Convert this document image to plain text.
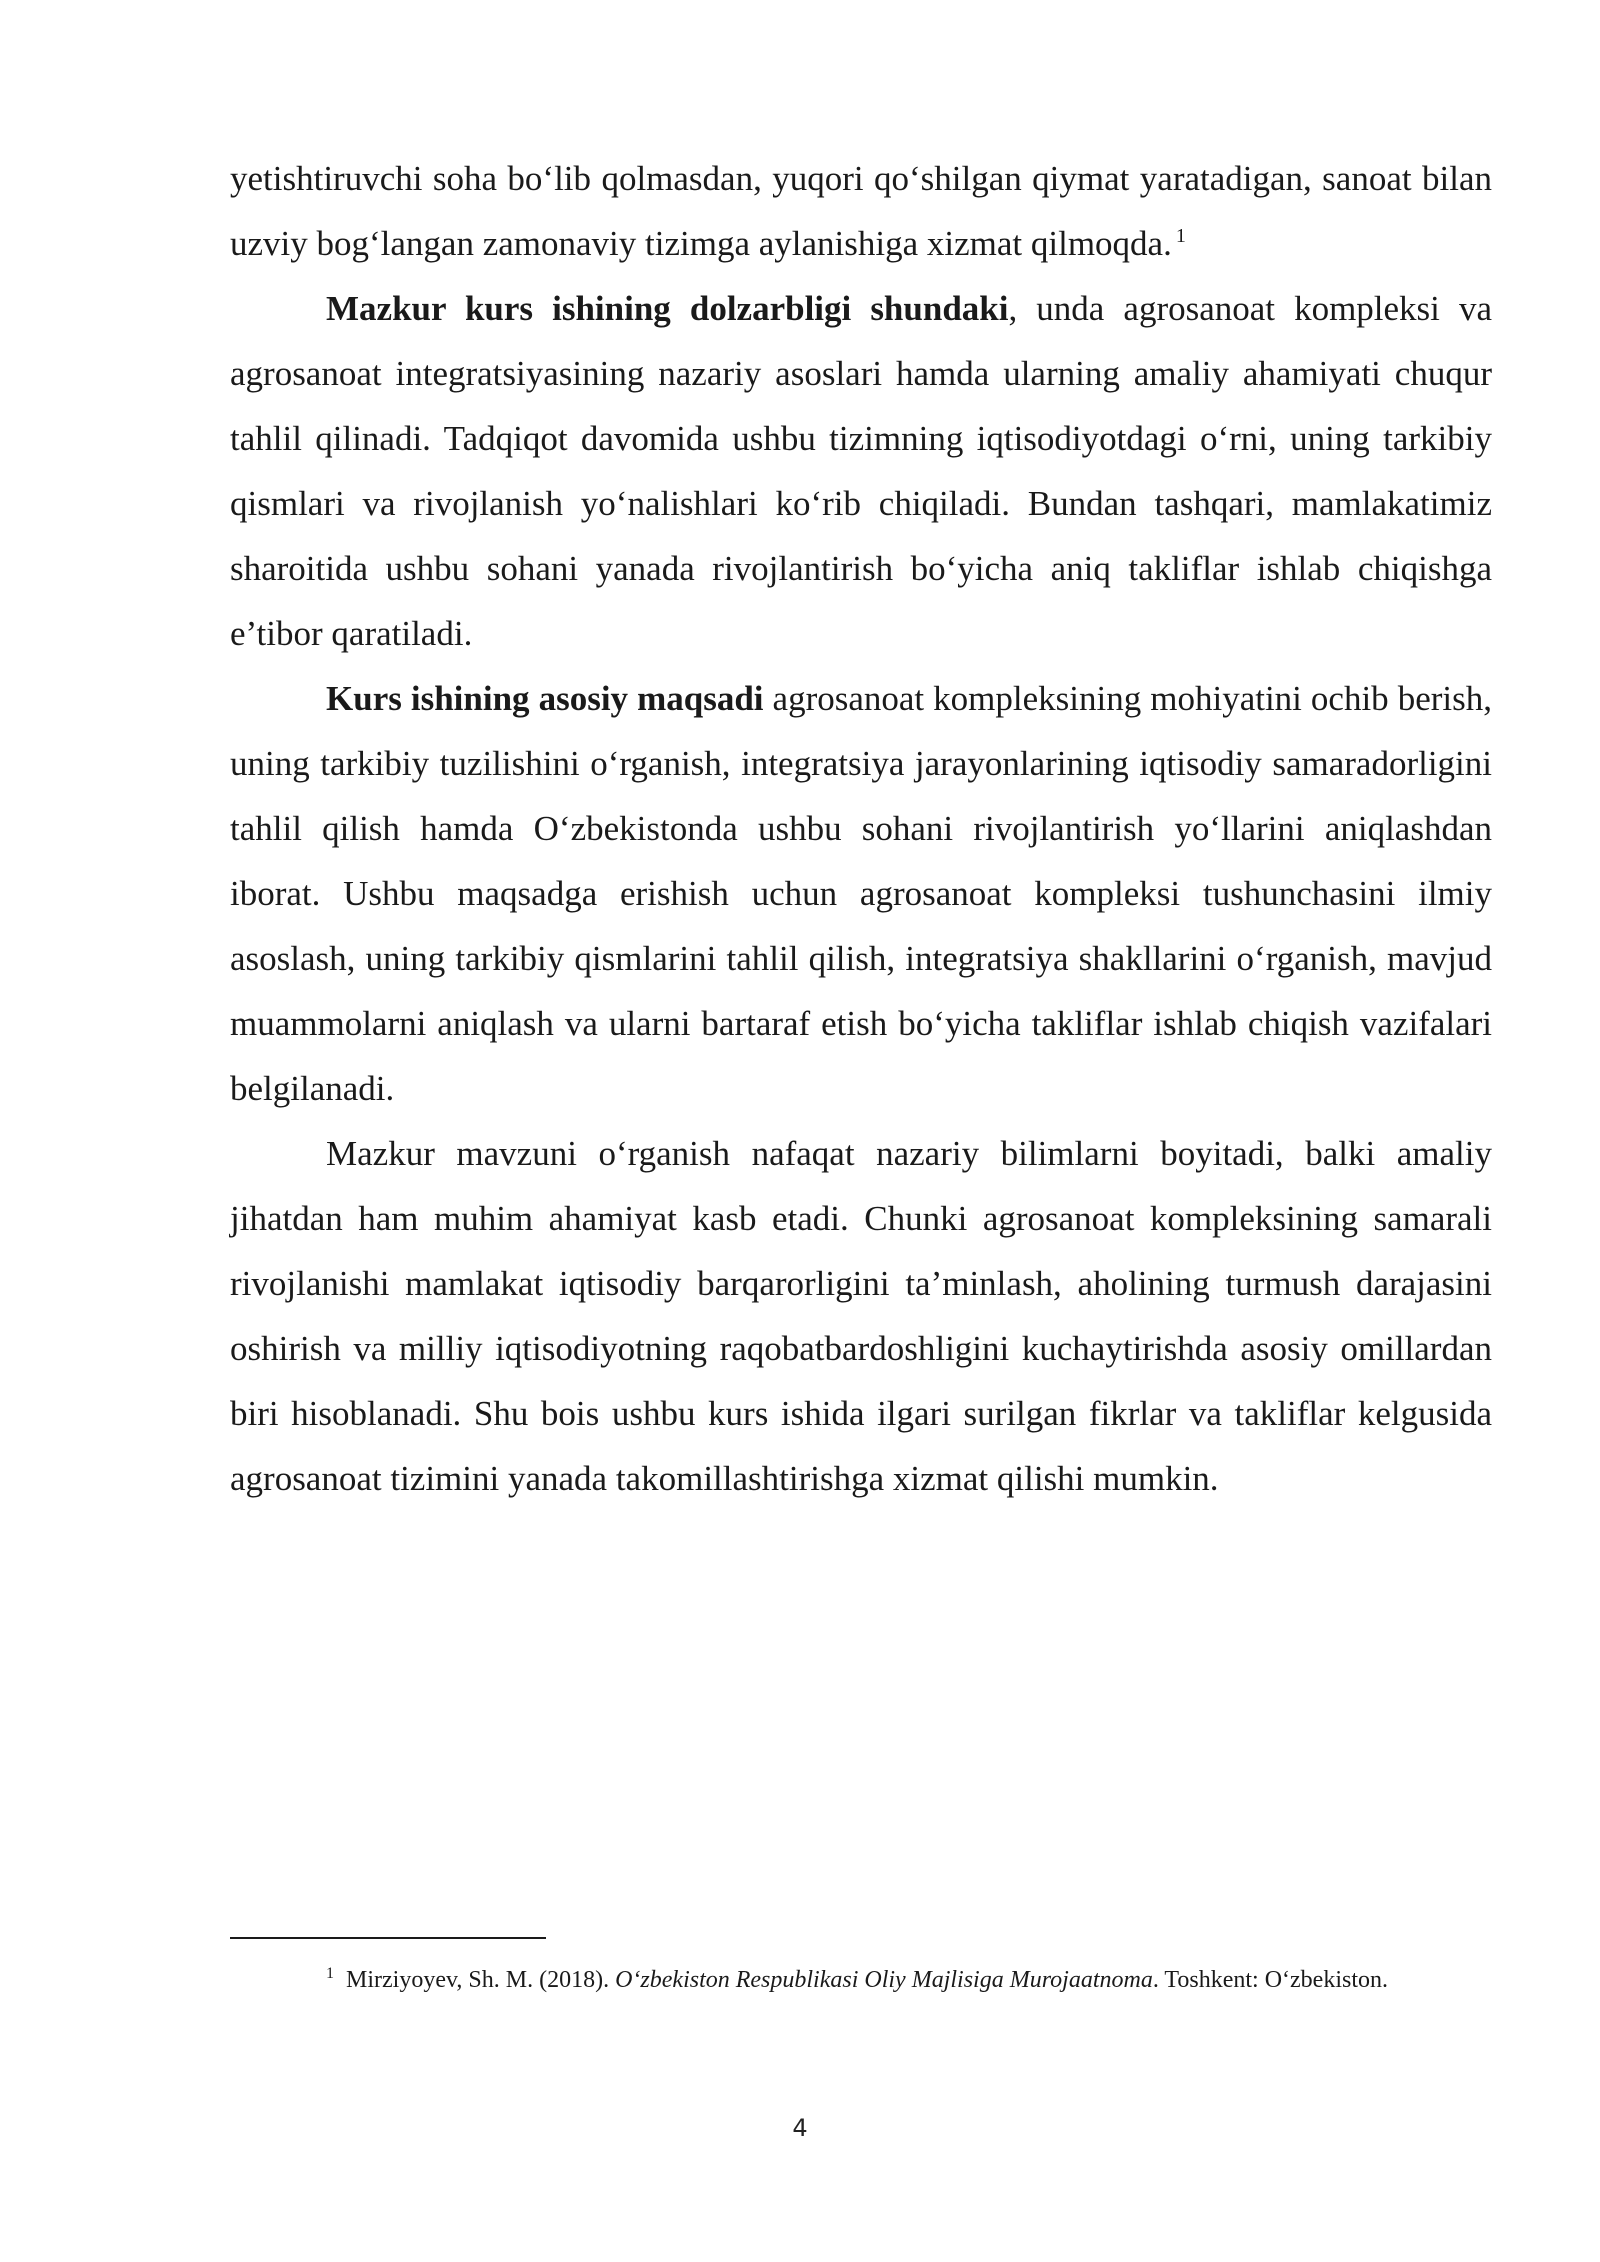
yetishtiruvchi soha bo‘lib qolmasdan, yuqori qo‘shilgan qiymat yaratadigan, sanoat bilan uzviy bog‘langan zamonaviy tizimga aylanishiga xizmat qilmoqda. $^1$

Mazkur kurs ishining dolzarbligi shundaki, unda agrosanoat kompleksi va agrosanoat integratsiyasining nazariy asoslari hamda ularning amaliy ahamiyati chuqur tahlil qilinadi. Tadqiqot davomida ushbu tizimning iqtisodiyotdagi o‘rni, uning tarkibiy qismlari va rivojlanish yo‘nalishlari ko‘rib chiqiladi. Bundan tashqari, mamlakatimiz sharoitida ushbu sohani yanada rivojlantirish bo‘yicha aniq takliflar ishlab chiqishga e’tibor qaratiladi.

Kurs ishining asosiy maqsadi agrosanoat kompleksining mohiyatini ochib berish, uning tarkibiy tuzilishini o‘rganish, integratsiya jarayonlarining iqtisodiy samaradorligini tahlil qilish hamda O‘zbekistonda ushbu sohani rivojlantirish yo‘llarini aniqlashdan iborat. Ushbu maqsadga erishish uchun agrosanoat kompleksi tushunchasini ilmiy asoslash, uning tarkibiy qismlarini tahlil qilish, integratsiya shakllarini o‘rganish, mavjud muammolarni aniqlash va ularni bartaraf etish bo‘yicha takliflar ishlab chiqish vazifalari belgilanadi.

Mazkur mavzuni o‘rganish nafaqat nazariy bilimlarni boyitadi, balki amaliy jihatdan ham muhim ahamiyat kasb etadi. Chunki agrosanoat kompleksining samarali rivojlanishi mamlakat iqtisodiy barqarorligini ta’minlash, aholining turmush darajasini oshirish va milliy iqtisodiyotning raqobatbardoshligini kuchaytirishda asosiy omillardan biri hisoblanadi. Shu bois ushbu kurs ishida ilgari surilgan fikrlar va takliflar kelgusida agrosanoat tizimini yanada takomillashtirishga xizmat qilishi mumkin.

$^1$ Mirziyoyev, Sh. M. (2018). O‘zbekiston Respublikasi Oliy Majlisiga Murojaatnoma. Toshkent: O‘zbekiston.

4
